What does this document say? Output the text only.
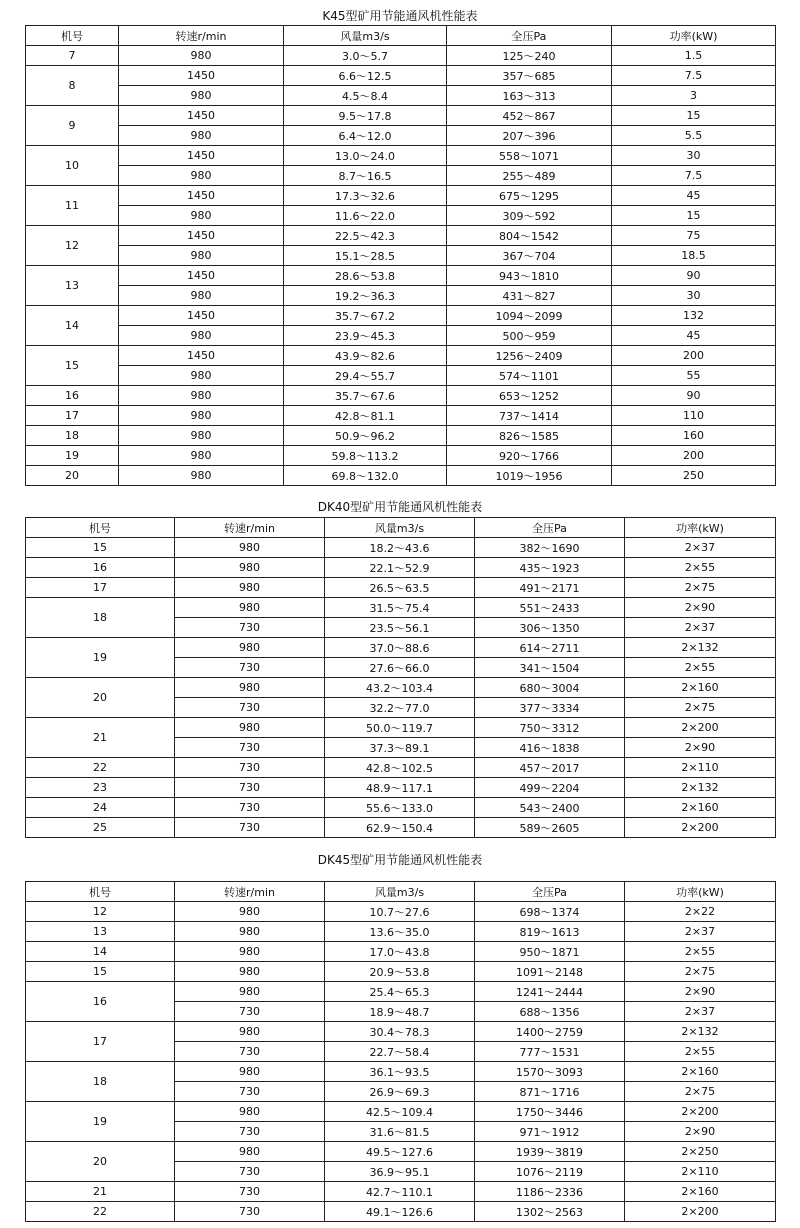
K45型矿用节能通风机性能表
机号	转速r/min	风量m3/s	全压Pa	功率(kW)
7	980	3.0～5.7	125～240	1.5
8	1450	6.6～12.5	357～685	7.5
	980	4.5～8.4	163～313	3
9	1450	9.5～17.8	452～867	15
	980	6.4～12.0	207～396	5.5
10	1450	13.0～24.0	558～1071	30
	980	8.7～16.5	255～489	7.5
11	1450	17.3～32.6	675～1295	45
	980	11.6～22.0	309～592	15
12	1450	22.5～42.3	804～1542	75
	980	15.1～28.5	367～704	18.5
13	1450	28.6～53.8	943～1810	90
	980	19.2～36.3	431～827	30
14	1450	35.7～67.2	1094～2099	132
	980	23.9～45.3	500～959	45
15	1450	43.9～82.6	1256～2409	200
	980	29.4～55.7	574～1101	55
16	980	35.7～67.6	653～1252	90
17	980	42.8～81.1	737～1414	110
18	980	50.9～96.2	826～1585	160
19	980	59.8～113.2	920～1766	200
20	980	69.8～132.0	1019～1956	250
DK40型矿用节能通风机性能表
机号	转速r/min	风量m3/s	全压Pa	功率(kW)
15	980	18.2～43.6	382～1690	2×37
16	980	22.1～52.9	435～1923	2×55
17	980	26.5～63.5	491～2171	2×75
18	980	31.5～75.4	551～2433	2×90
	730	23.5～56.1	306～1350	2×37
19	980	37.0～88.6	614～2711	2×132
	730	27.6～66.0	341～1504	2×55
20	980	43.2～103.4	680～3004	2×160
	730	32.2～77.0	377～3334	2×75
21	980	50.0～119.7	750～3312	2×200
	730	37.3～89.1	416～1838	2×90
22	730	42.8～102.5	457～2017	2×110
23	730	48.9～117.1	499～2204	2×132
24	730	55.6～133.0	543～2400	2×160
25	730	62.9～150.4	589～2605	2×200
DK45型矿用节能通风机性能表
机号	转速r/min	风量m3/s	全压Pa	功率(kW)
12	980	10.7～27.6	698～1374	2×22
13	980	13.6～35.0	819～1613	2×37
14	980	17.0～43.8	950～1871	2×55
15	980	20.9～53.8	1091～2148	2×75
16	980	25.4～65.3	1241～2444	2×90
	730	18.9～48.7	688～1356	2×37
17	980	30.4～78.3	1400～2759	2×132
	730	22.7～58.4	777～1531	2×55
18	980	36.1～93.5	1570～3093	2×160
	730	26.9～69.3	871～1716	2×75
19	980	42.5～109.4	1750～3446	2×200
	730	31.6～81.5	971～1912	2×90
20	980	49.5～127.6	1939～3819	2×250
	730	36.9～95.1	1076～2119	2×110
21	730	42.7～110.1	1186～2336	2×160
22	730	49.1～126.6	1302～2563	2×200
